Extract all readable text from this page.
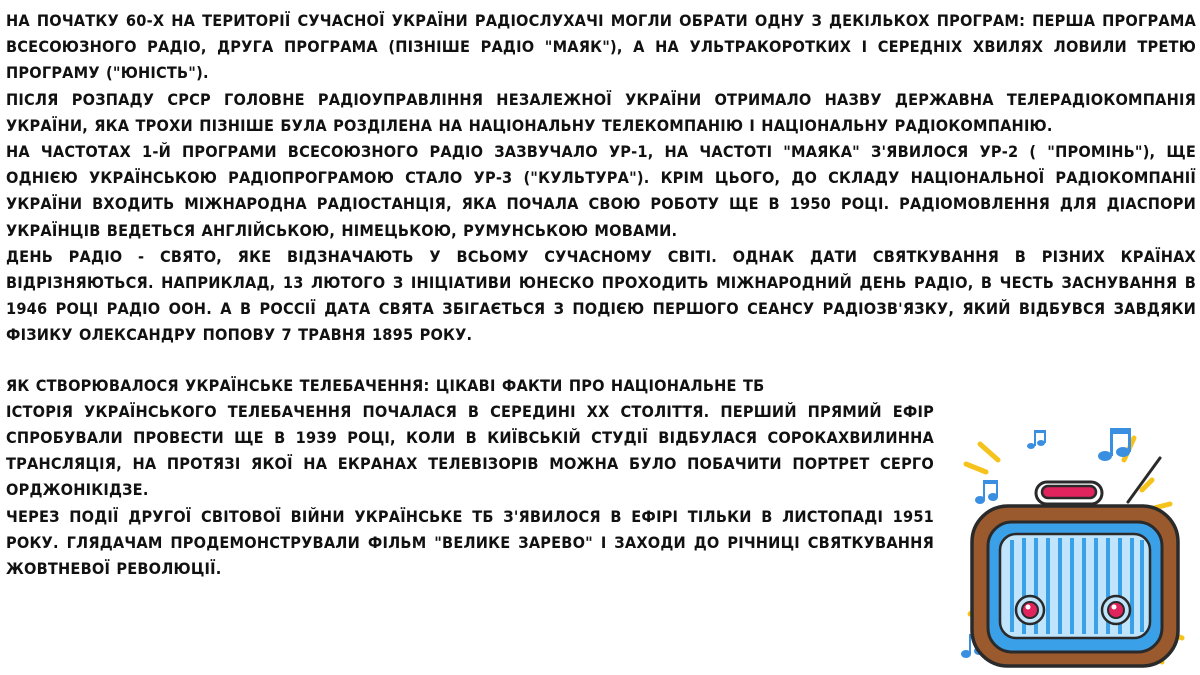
НА ПОЧАТКУ 60-Х НА ТЕРИТОРІЇ СУЧАСНОЇ УКРАЇНИ РАДІОСЛУХАЧІ МОГЛИ ОБРАТИ ОДНУ З ДЕКІЛЬКОХ ПРОГРАМ: ПЕРША ПРОГРАМА ВСЕСОЮЗНОГО РАДІО, ДРУГА ПРОГРАМА (ПІЗНІШЕ РАДІО "МАЯК"), А НА УЛЬТРАКОРОТКИХ І СЕРЕДНІХ ХВИЛЯХ ЛОВИЛИ ТРЕТЮ ПРОГРАМУ ("ЮНІСТЬ").

ПІСЛЯ РОЗПАДУ СРСР ГОЛОВНЕ РАДІОУПРАВЛІННЯ НЕЗАЛЕЖНОЇ УКРАЇНИ ОТРИМАЛО НАЗВУ ДЕРЖАВНА ТЕЛЕРАДІОКОМПАНІЯ УКРАЇНИ, ЯКА ТРОХИ ПІЗНІШЕ БУЛА РОЗДІЛЕНА НА НАЦІОНАЛЬНУ ТЕЛЕКОМПАНІЮ І НАЦІОНАЛЬНУ РАДІОКОМПАНІЮ.

НА ЧАСТОТАХ 1-Й ПРОГРАМИ ВСЕСОЮЗНОГО РАДІО ЗАЗВУЧАЛО УР-1, НА ЧАСТОТІ "МАЯКА" З'ЯВИЛОСЯ УР-2 ( "ПРОМІНЬ"), ЩЕ ОДНІЄЮ УКРАЇНСЬКОЮ РАДІОПРОГРАМОЮ СТАЛО УР-3 ("КУЛЬТУРА"). КРІМ ЦЬОГО, ДО СКЛАДУ НАЦІОНАЛЬНОЇ РАДІОКОМПАНІЇ УКРАЇНИ ВХОДИТЬ МІЖНАРОДНА РАДІОСТАНЦІЯ, ЯКА ПОЧАЛА СВОЮ РОБОТУ ЩЕ В 1950 РОЦІ. РАДІОМОВЛЕННЯ ДЛЯ ДІАСПОРИ УКРАЇНЦІВ ВЕДЕТЬСЯ АНГЛІЙСЬКОЮ, НІМЕЦЬКОЮ, РУМУНСЬКОЮ МОВАМИ.

ДЕНЬ РАДІО - СВЯТО, ЯКЕ ВІДЗНАЧАЮТЬ У ВСЬОМУ СУЧАСНОМУ СВІТІ. ОДНАК ДАТИ СВЯТКУВАННЯ В РІЗНИХ КРАЇНАХ ВІДРІЗНЯЮТЬСЯ. НАПРИКЛАД, 13 ЛЮТОГО З ІНІЦІАТИВИ ЮНЕСКО ПРОХОДИТЬ МІЖНАРОДНИЙ ДЕНЬ РАДІО, В ЧЕСТЬ ЗАСНУВАННЯ В 1946 РОЦІ РАДІО ООН. А В РОССІЇ ДАТА СВЯТА ЗБІГАЄТЬСЯ З ПОДІЄЮ ПЕРШОГО СЕАНСУ РАДІОЗВ'ЯЗКУ, ЯКИЙ ВІДБУВСЯ ЗАВДЯКИ ФІЗИКУ ОЛЕКСАНДРУ ПОПОВУ 7 ТРАВНЯ 1895 РОКУ.

ЯК СТВОРЮВАЛОСЯ УКРАЇНСЬКЕ ТЕЛЕБАЧЕННЯ: ЦІКАВІ ФАКТИ ПРО НАЦІОНАЛЬНЕ ТБ

ІСТОРІЯ УКРАЇНСЬКОГО ТЕЛЕБАЧЕННЯ ПОЧАЛАСЯ В СЕРЕДИНІ XX СТОЛІТТЯ. ПЕРШИЙ ПРЯМИЙ ЕФІР СПРОБУВАЛИ ПРОВЕСТИ ЩЕ В 1939 РОЦІ, КОЛИ В КИЇВСЬКІЙ СТУДІЇ ВІДБУЛАСЯ СОРОКАХВИЛИННА ТРАНСЛЯЦІЯ, НА ПРОТЯЗІ ЯКОЇ НА ЕКРАНАХ ТЕЛЕВІЗОРІВ МОЖНА БУЛО ПОБАЧИТИ ПОРТРЕТ СЕРГО ОРДЖОНІКІДЗЕ.

ЧЕРЕЗ ПОДІЇ ДРУГОЇ СВІТОВОЇ ВІЙНИ УКРАЇНСЬКЕ ТБ З'ЯВИЛОСЯ В ЕФІРІ ТІЛЬКИ В ЛИСТОПАДІ 1951 РОКУ. ГЛЯДАЧАМ ПРОДЕМОНСТРУВАЛИ ФІЛЬМ "ВЕЛИКЕ ЗАРЕВО" І ЗАХОДИ ДО РІЧНИЦІ СВЯТКУВАННЯ ЖОВТНЕВОЇ РЕВОЛЮЦІЇ.
